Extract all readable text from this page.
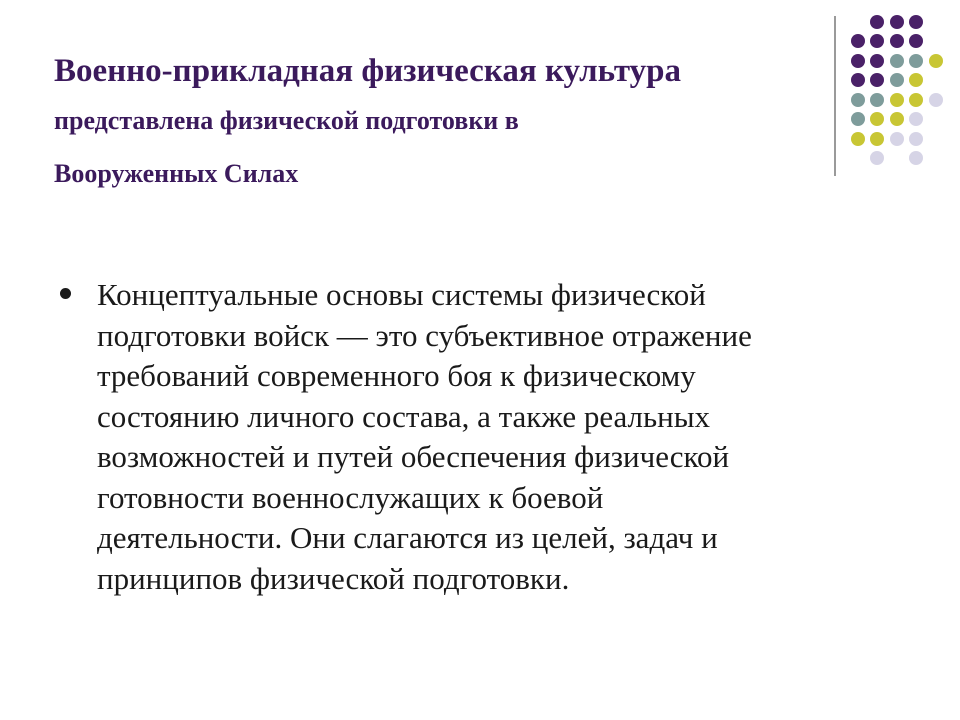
Военно-прикладная физическая культура

представлена физической подготовки в

Вооруженных Силах

Концептуальные основы системы физической
подготовки войск — это субъективное отражение
требований современного боя к физическому
состоянию личного состава, а также реальных
возможностей и путей обеспечения физической
готовности военнослужащих к боевой
деятельности. Они слагаются из целей, задач и
принципов физической подготовки.
